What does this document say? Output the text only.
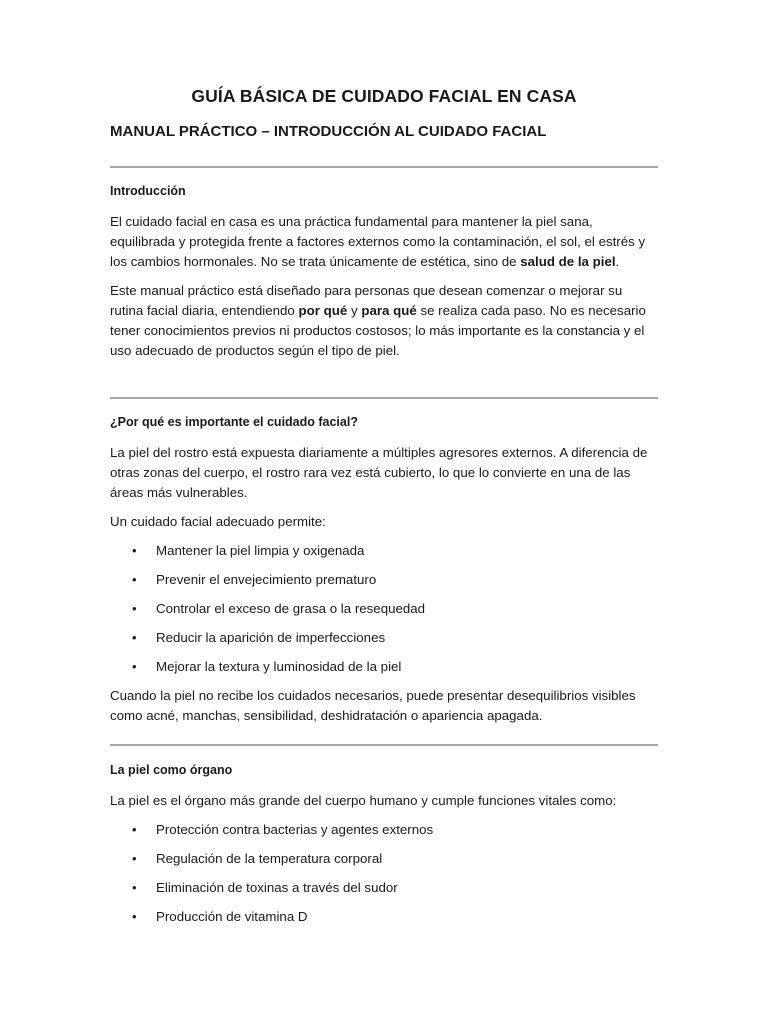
GUÍA BÁSICA DE CUIDADO FACIAL EN CASA
MANUAL PRÁCTICO – INTRODUCCIÓN AL CUIDADO FACIAL
Introducción

El cuidado facial en casa es una práctica fundamental para mantener la piel sana, equilibrada y protegida frente a factores externos como la contaminación, el sol, el estrés y los cambios hormonales. No se trata únicamente de estética, sino de salud de la piel.

Este manual práctico está diseñado para personas que desean comenzar o mejorar su rutina facial diaria, entendiendo por qué y para qué se realiza cada paso. No es necesario tener conocimientos previos ni productos costosos; lo más importante es la constancia y el uso adecuado de productos según el tipo de piel.

¿Por qué es importante el cuidado facial?

La piel del rostro está expuesta diariamente a múltiples agresores externos. A diferencia de otras zonas del cuerpo, el rostro rara vez está cubierto, lo que lo convierte en una de las áreas más vulnerables.

Un cuidado facial adecuado permite:

• Mantener la piel limpia y oxigenada
• Prevenir el envejecimiento prematuro
• Controlar el exceso de grasa o la resequedad
• Reducir la aparición de imperfecciones
• Mejorar la textura y luminosidad de la piel

Cuando la piel no recibe los cuidados necesarios, puede presentar desequilibrios visibles como acné, manchas, sensibilidad, deshidratación o apariencia apagada.

La piel como órgano

La piel es el órgano más grande del cuerpo humano y cumple funciones vitales como:

• Protección contra bacterias y agentes externos
• Regulación de la temperatura corporal
• Eliminación de toxinas a través del sudor
• Producción de vitamina D
